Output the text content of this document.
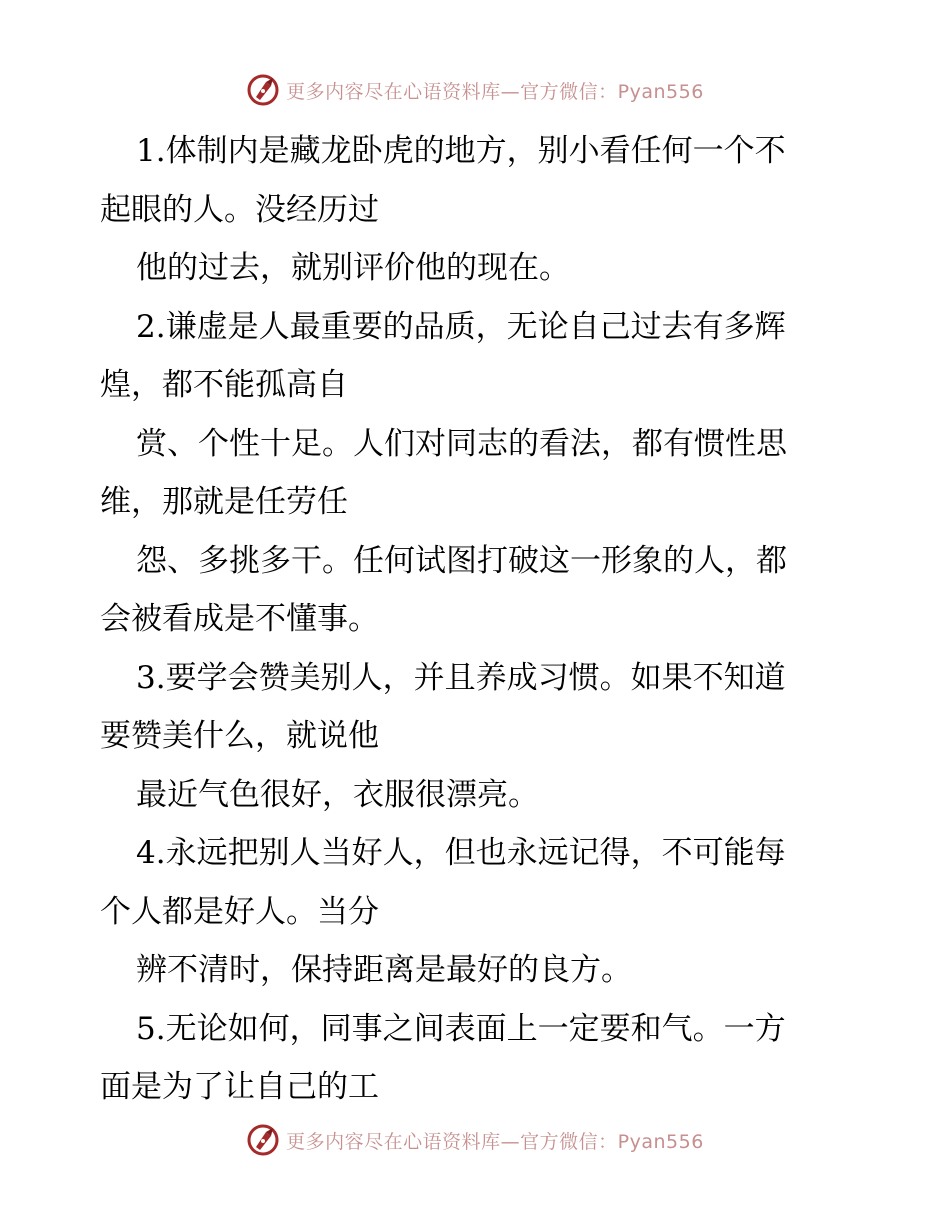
更多内容尽在心语资料库—官方微信：Pyan556
1.体制内是藏龙卧虎的地方，别小看任何一个不
起眼的人。没经历过
他的过去，就别评价他的现在。
2.谦虚是人最重要的品质，无论自己过去有多辉
煌，都不能孤高自
赏、个性十足。人们对同志的看法，都有惯性思
维，那就是任劳任
怨、多挑多干。任何试图打破这一形象的人，都
会被看成是不懂事。
3.要学会赞美别人，并且养成习惯。如果不知道
要赞美什么，就说他
最近气色很好，衣服很漂亮。
4.永远把别人当好人，但也永远记得，不可能每
个人都是好人。当分
辨不清时，保持距离是最好的良方。
5.无论如何，同事之间表面上一定要和气。一方
面是为了让自己的工
更多内容尽在心语资料库—官方微信：Pyan556
